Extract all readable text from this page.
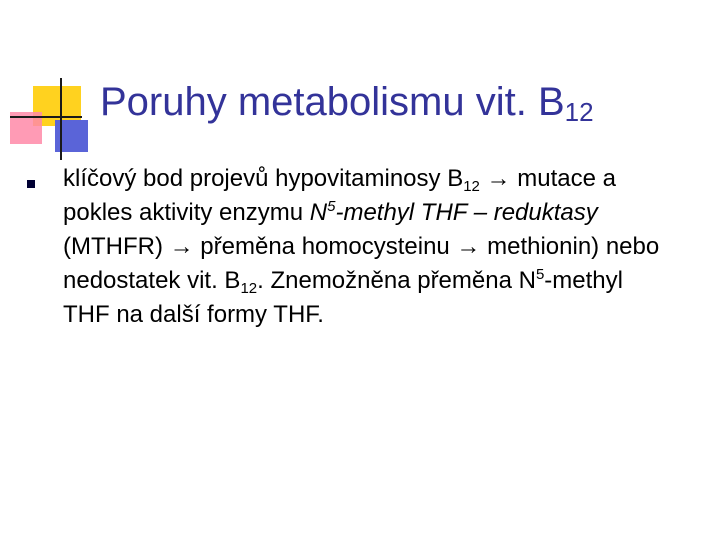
Poruhy metabolismu vit. $B_{12}$

klíčový bod projevů hypovitaminosy $B_{12}$ → mutace a pokles aktivity enzymu $N^5$-methyl THF – reduktasy (MTHFR) → přeměna homocysteinu → methionin) nebo nedostatek vit. $B_{12}$. Znemožněna přeměna $N^5$-methyl THF na další formy THF.
